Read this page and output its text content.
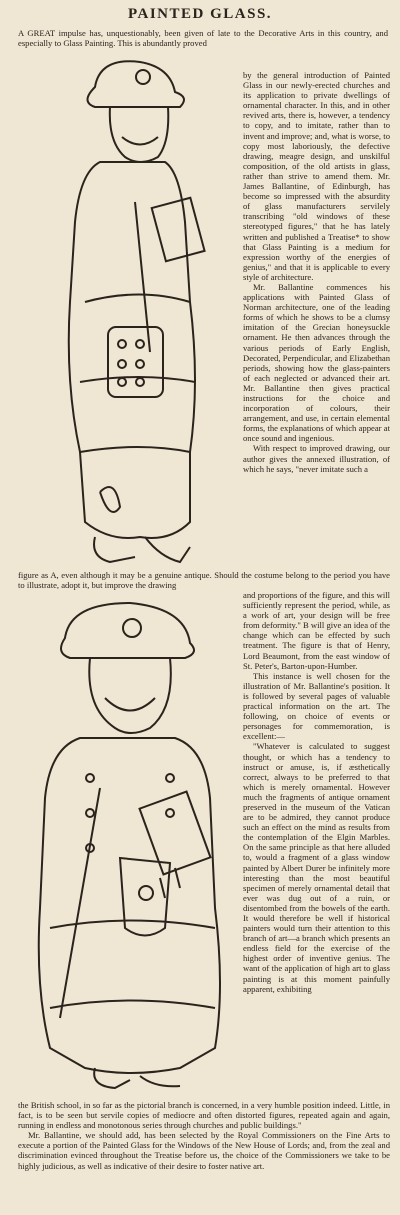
PAINTED GLASS.

A GREAT impulse has, unquestionably, been given of late to the Decorative Arts in this country, and especially to Glass Painting. This is abundantly proved

by the general introduction of Painted Glass in our newly-erected churches and its application to private dwellings of ornamental character. In this, and in other revived arts, there is, however, a tendency to copy, and to imitate, rather than to invent and improve; and, what is worse, to copy most laboriously, the defective drawing, meagre design, and unskilful composition, of the old artists in glass, rather than strive to amend them. Mr. James Ballantine, of Edinburgh, has become so impressed with the absurdity of glass manufacturers servilely transcribing "old windows of these stereotyped figures," that he has lately written and published a Treatise* to show that Glass Painting is a medium for expression worthy of the energies of genius," and that it is applicable to every style of architecture.

Mr. Ballantine commences his applications with Painted Glass of Norman architecture, one of the leading forms of which he shows to be a clumsy imitation of the Grecian honeysuckle ornament. He then advances through the various periods of Early English, Decorated, Perpendicular, and Elizabethan periods, showing how the glass-painters of each neglected or advanced their art. Mr. Ballantine then gives practical instructions for the choice and incorporation of colours, their arrangement, and use, in certain elemental forms, the explanations of which appear at once sound and ingenious.

With respect to improved drawing, our author gives the annexed illustration, of which he says, "never imitate such a

figure as A, even although it may be a genuine antique. Should the costume belong to the period you have to illustrate, adopt it, but improve the drawing

and proportions of the figure, and this will sufficiently represent the period, while, as a work of art, your design will be free from deformity." B will give an idea of the change which can be effected by such treatment. The figure is that of Henry, Lord Beaumont, from the east window of St. Peter's, Barton-upon-Humber.

This instance is well chosen for the illustration of Mr. Ballantine's position. It is followed by several pages of valuable practical information on the art. The following, on choice of events or personages for commemoration, is excellent:—

"Whatever is calculated to suggest thought, or which has a tendency to instruct or amuse, is, if æsthetically correct, always to be preferred to that which is merely ornamental. However much the fragments of antique ornament preserved in the museum of the Vatican are to be admired, they cannot produce such an effect on the mind as results from the contemplation of the Elgin Marbles. On the same principle as that here alluded to, would a fragment of a glass window painted by Albert Durer be infinitely more interesting than the most beautiful specimen of merely ornamental detail that ever was dug out of a ruin, or disentombed from the bowels of the earth. It would therefore be well if historical painters would turn their attention to this branch of art—a branch which presents an endless field for the exercise of the highest order of inventive genius. The want of the application of high art to glass painting is at this moment painfully apparent, exhibiting

the British school, in so far as the pictorial branch is concerned, in a very humble position indeed. Little, in fact, is to be seen but servile copies of mediocre and often distorted figures, repeated again and again, running in endless and monotonous series through churches and public buildings."

Mr. Ballantine, we should add, has been selected by the Royal Commissioners on the Fine Arts to execute a portion of the Painted Glass for the Windows of the New House of Lords; and, from the zeal and discrimination evinced throughout the Treatise before us, the choice of the Commissioners we take to be highly judicious, as well as indicative of their desire to foster native art.
